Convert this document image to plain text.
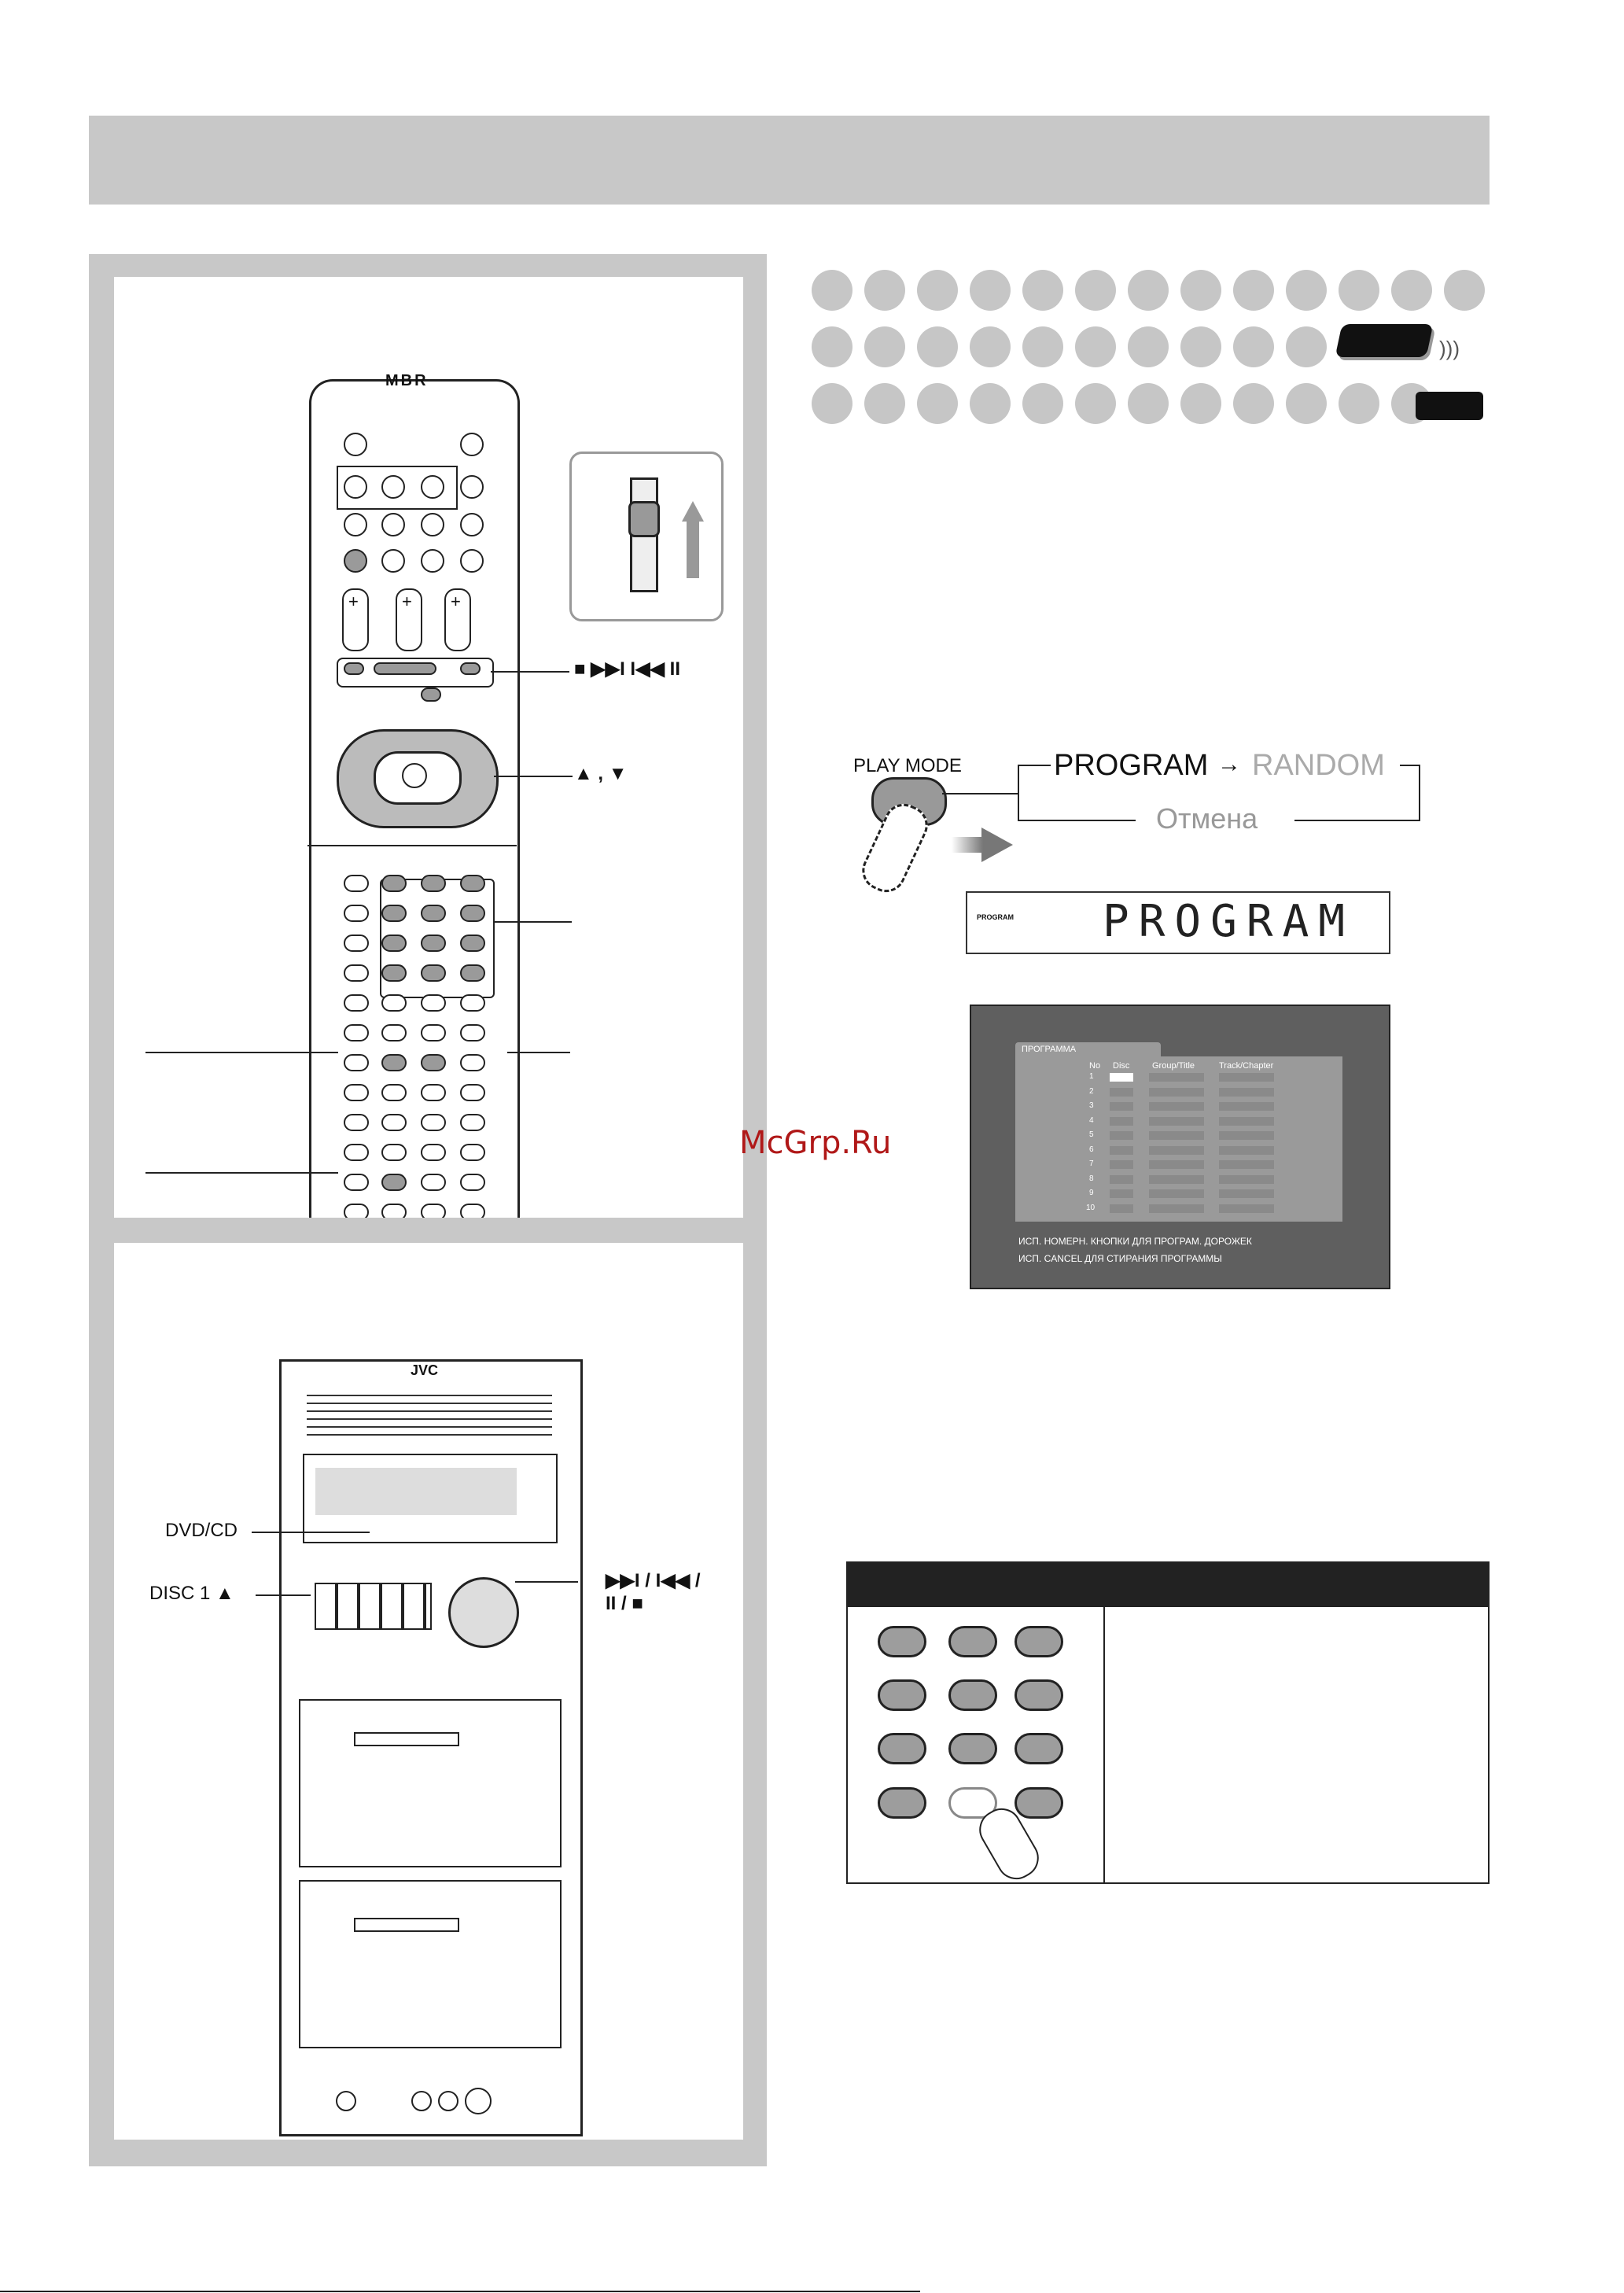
MBR
+	+ +
■ ▶▶I I◀◀ II
▲ , ▼
JVC
DVD/CD
DISC 1 ▲
▶▶I / I◀◀ /
II / ■
)))
PLAY MODE	PROGRAM → RANDOM
Отмена
PROGRAM PROGRAM
ПРОГРАММА
No Disc	Group/Title	Track/Chapter
1
2
3
4
5
6
7
8
9
10
ИСП. НОМЕРН. КНОПКИ ДЛЯ ПРОГРАМ. ДОРОЖЕК
ИСП. CANCEL ДЛЯ СТИРАНИЯ ПРОГРАММЫ
McGrp.Ru
